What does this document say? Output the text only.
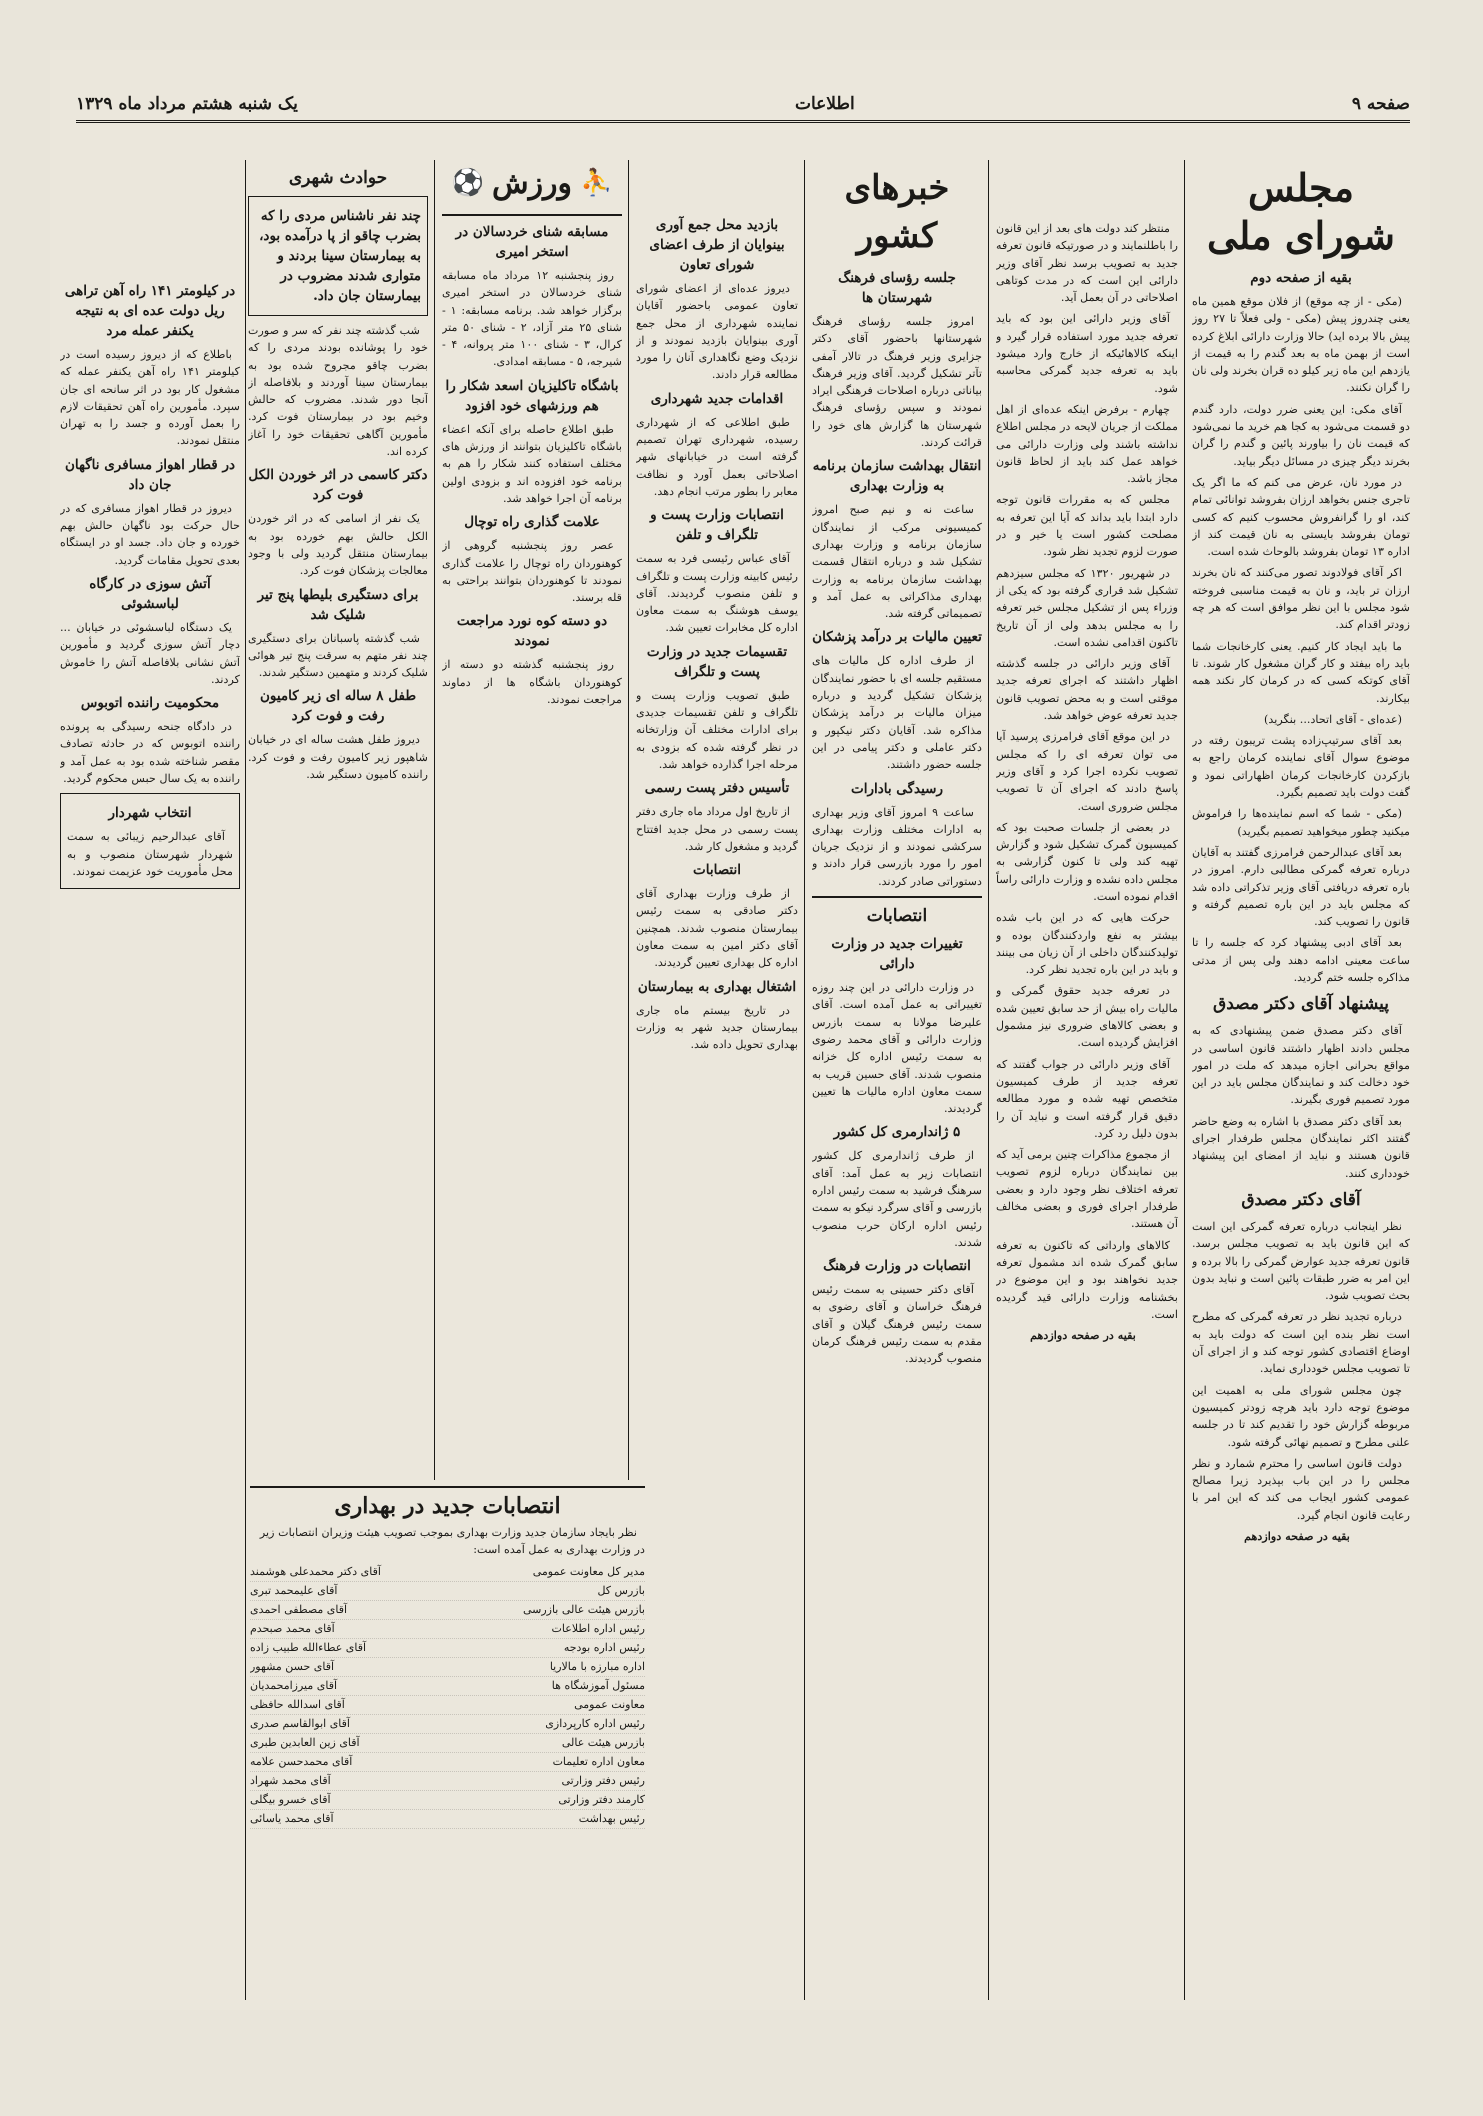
صفحه ۹
اطلاعات
یک شنبه هشتم مرداد ماه ۱۳۲۹
مجلس شورای ملی
بقیه از صفحه دوم

(مکی - از چه موقع) از فلان موقع همین ماه یعنی چندروز پیش (مکی - ولی فعلاً تا ۲۷ روز پیش بالا برده اید) حالا وزارت دارائی ابلاغ کرده است از بهمن ماه به بعد گندم را به قیمت از یازدهم این ماه زیر کیلو ده قران بخرند ولی نان را گران نکنند.

آقای مکی: این یعنی ضرر دولت، دارد گندم دو قسمت می‌شود به کجا هم خرید ما نمی‌شود که قیمت نان را بیاورند پائین و گندم را گران بخرند دیگر چیزی در مسائل دیگر بیاید.

در مورد نان، عرض می کنم که ما اگر یک تاجری جنس بخواهد ارزان بفروشد توانائی تمام کند، او را گرانفروش محسوب کنیم که کسی تومان بفروشد بایستی به نان قیمت کند از اداره ۱۳ تومان بفروشد بالوحاث شده است.

اکر آقای فولادوند تصور می‌کنند که نان بخرند ارزان تر باید، و نان به قیمت مناسبی فروخته شود مجلس با این نظر موافق است که هر چه زودتر اقدام کند.

ما باید ایجاد کار کنیم. یعنی کارخانجات شما باید راه بیفتد و کار گران مشغول کار شوند. تا آقای کوتکه کسی که در کرمان کار نکند همه بیکارند.

(عده‌ای - آقای اتحاد... بنگرید)

بعد آقای سرتیپ‌زاده پشت تریبون رفته در موضوع سوال آقای نماینده کرمان راجع به بازکردن کارخانجات کرمان اظهاراتی نمود و گفت دولت باید تصمیم بگیرد.

(مکی - شما که اسم نماینده‌ها را فراموش میکنید چطور میخواهید تصمیم بگیرید)

بعد آقای عبدالرحمن فرامرزی گفتند به آقایان درباره تعرفه گمرکی مطالبی دارم. امروز در باره تعرفه دریافتی آقای وزیر تذکراتی داده شد که مجلس باید در این باره تصمیم گرفته و قانون را تصویب کند.

بعد آقای ادبی پیشنهاد کرد که جلسه را تا ساعت معینی ادامه دهند ولی پس از مدتی مذاکره جلسه ختم گردید.

پیشنهاد آقای دکتر مصدق

آقای دکتر مصدق ضمن پیشنهادی که به مجلس دادند اظهار داشتند قانون اساسی در مواقع بحرانی اجازه میدهد که ملت در امور خود دخالت کند و نمایندگان مجلس باید در این مورد تصمیم فوری بگیرند.

بعد آقای دکتر مصدق با اشاره به وضع حاضر گفتند اکثر نمایندگان مجلس طرفدار اجرای قانون هستند و نباید از امضای این پیشنهاد خودداری کنند.

آقای دکتر مصدق

نظر اینجانب درباره تعرفه گمرکی این است که این قانون باید به تصویب مجلس برسد. قانون تعرفه جدید عوارض گمرکی را بالا برده و این امر به ضرر طبقات پائین است و نباید بدون بحث تصویب شود.

درباره تجدید نظر در تعرفه گمرکی که مطرح است نظر بنده این است که دولت باید به اوضاع اقتصادی کشور توجه کند و از اجرای آن تا تصویب مجلس خودداری نماید.

چون مجلس شورای ملی به اهمیت این موضوع توجه دارد باید هرچه زودتر کمیسیون مربوطه گزارش خود را تقدیم کند تا در جلسه علنی مطرح و تصمیم نهائی گرفته شود.

دولت قانون اساسی را محترم شمارد و نظر مجلس را در این باب بپذیرد زیرا مصالح عمومی کشور ایجاب می کند که این امر با رعایت قانون انجام گیرد.

بقیه در صفحه دوازدهم

منتظر کند دولت های بعد از این قانون را باطلنمایند و در صورتیکه قانون تعرفه جدید به تصویب برسد نظر آقای وزیر دارائی این است که در مدت کوتاهی اصلاحاتی در آن بعمل آید.

آقای وزیر دارائی این بود که باید تعرفه جدید مورد استفاده قرار گیرد و اینکه کالاهائیکه از خارج وارد میشود باید به تعرفه جدید گمرکی محاسبه شود.

چهارم - برفرض اینکه عده‌ای از اهل مملکت از جریان لایحه در مجلس اطلاع نداشته باشند ولی وزارت دارائی می خواهد عمل کند باید از لحاظ قانون مجاز باشد.

مجلس که به مقررات قانون توجه دارد ابتدا باید بداند که آیا این تعرفه به مصلحت کشور است یا خیر و در صورت لزوم تجدید نظر شود.

در شهریور ۱۳۲۰ که مجلس سیزدهم تشکیل شد قراری گرفته بود که یکی از وزراء پس از تشکیل مجلس خبر تعرفه را به مجلس بدهد ولی از آن تاریخ تاکنون اقدامی نشده است.

آقای وزیر دارائی در جلسه گذشته اظهار داشتند که اجرای تعرفه جدید موقتی است و به محض تصویب قانون جدید تعرفه عوض خواهد شد.

در این موقع آقای فرامرزی پرسید آیا می توان تعرفه ای را که مجلس تصویب نکرده اجرا کرد و آقای وزیر پاسخ دادند که اجرای آن تا تصویب مجلس ضروری است.

در بعضی از جلسات صحبت بود که کمیسیون گمرک تشکیل شود و گزارش تهیه کند ولی تا کنون گزارشی به مجلس داده نشده و وزارت دارائی راساً اقدام نموده است.

حرکت هایی که در این باب شده بیشتر به نفع واردکنندگان بوده و تولیدکنندگان داخلی از آن زیان می بینند و باید در این باره تجدید نظر کرد.

در تعرفه جدید حقوق گمرکی و مالیات راه بیش از حد سابق تعیین شده و بعضی کالاهای ضروری نیز مشمول افزایش گردیده است.

آقای وزیر دارائی در جواب گفتند که تعرفه جدید از طرف کمیسیون متخصص تهیه شده و مورد مطالعه دقیق قرار گرفته است و نباید آن را بدون دلیل رد کرد.

از مجموع مذاکرات چنین برمی آید که بین نمایندگان درباره لزوم تصویب تعرفه اختلاف نظر وجود دارد و بعضی طرفدار اجرای فوری و بعضی مخالف آن هستند.

کالاهای وارداتی که تاکنون به تعرفه سابق گمرک شده اند مشمول تعرفه جدید نخواهند بود و این موضوع در بخشنامه وزارت دارائی قید گردیده است.

بقیه در صفحه دوازدهم

خبرهای کشور
جلسه رؤسای فرهنگ شهرستان ها

امروز جلسه رؤسای فرهنگ شهرستانها باحضور آقای دکتر جزایری وزیر فرهنگ در تالار آمفی تآتر تشکیل گردید. آقای وزیر فرهنگ بیاناتی درباره اصلاحات فرهنگی ایراد نمودند و سپس رؤسای فرهنگ شهرستان ها گزارش های خود را قرائت کردند.

انتقال بهداشت سازمان برنامه به وزارت بهداری

ساعت نه و نیم صبح امروز کمیسیونی مرکب از نمایندگان سازمان برنامه و وزارت بهداری تشکیل شد و درباره انتقال قسمت بهداشت سازمان برنامه به وزارت بهداری مذاکراتی به عمل آمد و تصمیماتی گرفته شد.

تعیین مالیات بر درآمد پزشکان

از طرف اداره کل مالیات های مستقیم جلسه ای با حضور نمایندگان پزشکان تشکیل گردید و درباره میزان مالیات بر درآمد پزشکان مذاکره شد. آقایان دکتر نیکپور و دکتر عاملی و دکتر پیامی در این جلسه حضور داشتند.

رسیدگی بادارات

ساعت ۹ امروز آقای وزیر بهداری به ادارات مختلف وزارت بهداری سرکشی نمودند و از نزدیک جریان امور را مورد بازرسی قرار دادند و دستوراتی صادر کردند.

انتصابات
تغییرات جدید در وزارت دارائی

در وزارت دارائی در این چند روزه تغییراتی به عمل آمده است. آقای علیرضا مولانا به سمت بازرس وزارت دارائی و آقای محمد رضوی به سمت رئیس اداره کل خزانه منصوب شدند. آقای حسین قریب به سمت معاون اداره مالیات ها تعیین گردیدند.

۵ ژاندارمری کل کشور

از طرف ژاندارمری کل کشور انتصابات زیر به عمل آمد: آقای سرهنگ فرشید به سمت رئیس اداره بازرسی و آقای سرگرد نیکو به سمت رئیس اداره ارکان حرب منصوب شدند.

انتصابات در وزارت فرهنگ

آقای دکتر حسینی به سمت رئیس فرهنگ خراسان و آقای رضوی به سمت رئیس فرهنگ گیلان و آقای مقدم به سمت رئیس فرهنگ کرمان منصوب گردیدند.

بازدید محل جمع آوری بینوایان از طرف اعضای شورای تعاون

دیروز عده‌ای از اعضای شورای تعاون عمومی باحضور آقایان نماینده شهرداری از محل جمع آوری بینوایان بازدید نمودند و از نزدیک وضع نگاهداری آنان را مورد مطالعه قرار دادند.

اقدامات جدید شهرداری

طبق اطلاعی که از شهرداری رسیده، شهرداری تهران تصمیم گرفته است در خیابانهای شهر اصلاحاتی بعمل آورد و نظافت معابر را بطور مرتب انجام دهد.

انتصابات وزارت پست و تلگراف و تلفن

آقای عباس رئیسی فرد به سمت رئیس کابینه وزارت پست و تلگراف و تلفن منصوب گردیدند. آقای یوسف هوشنگ به سمت معاون اداره کل مخابرات تعیین شد.

تقسیمات جدید در وزارت پست و تلگراف

طبق تصویب وزارت پست و تلگراف و تلفن تقسیمات جدیدی برای ادارات مختلف آن وزارتخانه در نظر گرفته شده که بزودی به مرحله اجرا گذارده خواهد شد.

تأسیس دفتر پست رسمی

از تاریخ اول مرداد ماه جاری دفتر پست رسمی در محل جدید افتتاح گردید و مشغول کار شد.

انتصابات

از طرف وزارت بهداری آقای دکتر صادقی به سمت رئیس بیمارستان منصوب شدند. همچنین آقای دکتر امین به سمت معاون اداره کل بهداری تعیین گردیدند.

اشتغال بهداری به بیمارستان

در تاریخ بیستم ماه جاری بیمارستان جدید شهر به وزارت بهداری تحویل داده شد.

⛹
ورزش
⚽
مسابقه شنای خردسالان در استخر امیری

روز پنجشنبه ۱۲ مرداد ماه مسابقه شنای خردسالان در استخر امیری برگزار خواهد شد. برنامه مسابقه: ۱ - شنای ۲۵ متر آزاد، ۲ - شنای ۵۰ متر کرال، ۳ - شنای ۱۰۰ متر پروانه، ۴ - شیرجه، ۵ - مسابقه امدادی.

باشگاه تاکلیزیان اسعد شکار را هم ورزشهای خود افزود

طبق اطلاع حاصله برای آنکه اعضاء باشگاه تاکلیزیان بتوانند از ورزش های مختلف استفاده کنند شکار را هم به برنامه خود افزوده اند و بزودی اولین برنامه آن اجرا خواهد شد.

علامت گذاری راه توچال

عصر روز پنجشنبه گروهی از کوهنوردان راه توچال را علامت گذاری نمودند تا کوهنوردان بتوانند براحتی به قله برسند.

دو دسته کوه نورد مراجعت نمودند

روز پنجشنبه گذشته دو دسته از کوهنوردان باشگاه ها از دماوند مراجعت نمودند.

حوادث شهری
چند نفر ناشناس مردی را که بضرب چاقو از پا درآمده بود، به بیمارستان سینا بردند و متواری شدند مضروب در بیمارستان جان داد.

شب گذشته چند نفر که سر و صورت خود را پوشانده بودند مردی را که بضرب چاقو مجروح شده بود به بیمارستان سینا آوردند و بلافاصله از آنجا دور شدند. مضروب که حالش وخیم بود در بیمارستان فوت کرد. مأمورین آگاهی تحقیقات خود را آغاز کرده اند.

دکتر کاسمی در اثر خوردن الکل فوت کرد

یک نفر از اسامی که در اثر خوردن الکل حالش بهم خورده بود به بیمارستان منتقل گردید ولی با وجود معالجات پزشکان فوت کرد.

برای دستگیری بلیطها پنج تیر شلیک شد

شب گذشته پاسبانان برای دستگیری چند نفر متهم به سرقت پنج تیر هوائی شلیک کردند و متهمین دستگیر شدند.

طفل ۸ ساله ای زیر کامیون رفت و فوت کرد

دیروز طفل هشت ساله ای در خیابان شاهپور زیر کامیون رفت و فوت کرد. راننده کامیون دستگیر شد.

در کیلومتر ۱۴۱ راه آهن تراهی ریل دولت عده ای به نتیجه یکنفر عمله مرد

باطلاع که از دیروز رسیده است در کیلومتر ۱۴۱ راه آهن یکنفر عمله که مشغول کار بود در اثر سانحه ای جان سپرد. مأمورین راه آهن تحقیقات لازم را بعمل آورده و جسد را به تهران منتقل نمودند.

در قطار اهواز مسافری ناگهان جان داد

دیروز در قطار اهواز مسافری که در حال حرکت بود ناگهان حالش بهم خورده و جان داد. جسد او در ایستگاه بعدی تحویل مقامات گردید.

آتش سوزی در کارگاه لباسشوئی

یک دستگاه لباسشوئی در خیابان ... دچار آتش سوزی گردید و مأمورین آتش نشانی بلافاصله آتش را خاموش کردند.

محکومیت راننده اتوبوس

در دادگاه جنحه رسیدگی به پرونده راننده اتوبوس که در حادثه تصادف مقصر شناخته شده بود به عمل آمد و راننده به یک سال حبس محکوم گردید.

انتخاب شهردار

آقای عبدالرحیم زیبائی به سمت شهردار شهرستان منصوب و به محل مأموریت خود عزیمت نمودند.

انتصابات جدید در بهداری

نظر بایجاد سازمان جدید وزارت بهداری بموجب تصویب هیئت وزیران انتصابات زیر در وزارت بهداری به عمل آمده است:

مدیر کل معاونت عمومی
آقای دکتر محمدعلی هوشمند
بازرس کل
آقای علیمحمد تبری
بازرس هیئت عالی بازرسی
آقای مصطفی احمدی
رئیس اداره اطلاعات
آقای محمد صبحدم
رئیس اداره بودجه
آقای عطاءالله طبیب زاده
اداره مبارزه با مالاریا
آقای حسن مشهور
مسئول آموزشگاه ها
آقای میرزامحمدیان
معاونت عمومی
آقای اسدالله حافظی
رئیس اداره کارپردازی
آقای ابوالقاسم صدری
بازرس هیئت عالی
آقای زین العابدین طبری
معاون اداره تعلیمات
آقای محمدحسن علامه
رئیس دفتر وزارتی
آقای محمد شهراد
کارمند دفتر وزارتی
آقای خسرو بیگلی
رئیس بهداشت
آقای محمد یاسائی
